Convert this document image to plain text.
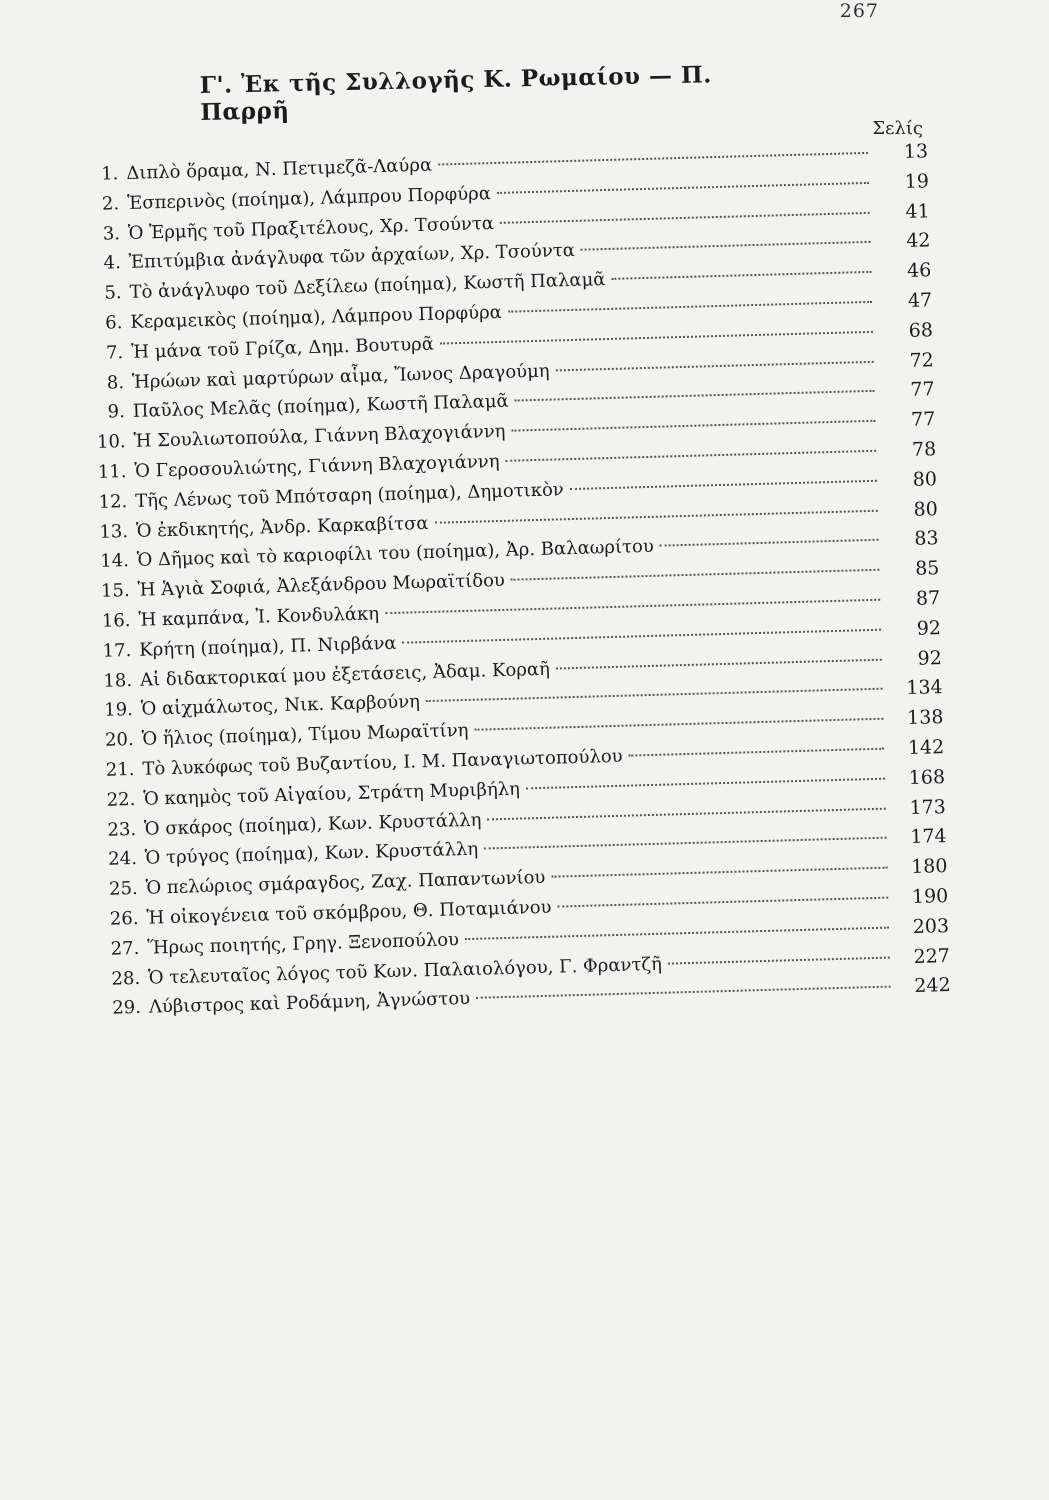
267
Γ'. Ἐκ τῆς Συλλογῆς Κ. Ρωμαίου — Π. Παρρῆ
Σελίς
1. Διπλὸ ὅραμα, Ν. Πετιμεζᾶ-Λαύρα
13
2. Ἑσπερινὸς (ποίημα), Λάμπρου Πορφύρα
19
3. Ὁ Ἑρμῆς τοῦ Πραξιτέλους, Χρ. Τσούντα
41
4. Ἐπιτύμβια ἀνάγλυφα τῶν ἀρχαίων, Χρ. Τσούντα	42
5. Τὸ ἀνάγλυφο τοῦ Δεξίλεω (ποίημα), Κωστῆ Παλαμᾶ	46
6. Κεραμεικὸς (ποίημα), Λάμπρου Πορφύρα
47
7. Ἡ μάνα τοῦ Γρίζα, Δημ. Βουτυρᾶ
68
8. Ἡρώων καὶ μαρτύρων αἷμα, Ἴωνος Δραγούμη
72
9. Παῦλος Μελᾶς (ποίημα), Κωστῆ Παλαμᾶ
77
10. Ἡ Σουλιωτοπούλα, Γιάννη Βλαχογιάννη
77
11. Ὁ Γεροσουλιώτης, Γιάννη Βλαχογιάννη
78
12. Τῆς Λένως τοῦ Μπότσαρη (ποίημα), Δημοτικὸν	80
13. Ὁ ἐκδικητής, Ἀνδρ. Καρκαβίτσα
80
14. Ὁ Δῆμος καὶ τὸ καριοφίλι του (ποίημα), Ἀρ. Βαλαωρίτου	83
15. Ἡ Ἁγιὰ Σοφιά, Ἀλεξάνδρου Μωραϊτίδου
85
16. Ἡ καμπάνα, Ἰ. Κονδυλάκη
87
17. Κρήτη (ποίημα), Π. Νιρβάνα
92
18. Αἱ διδακτορικαί μου ἐξετάσεις, Ἀδαμ. Κοραῆ
92
19. Ὁ αἰχμάλωτος, Νικ. Καρβούνη
134
20. Ὁ ἥλιος (ποίημα), Τίμου Μωραϊτίνη
138
21. Τὸ λυκόφως τοῦ Βυζαντίου, Ι. Μ. Παναγιωτοπούλου	142
22. Ὁ καημὸς τοῦ Αἰγαίου, Στράτη Μυριβήλη
168
23. Ὁ σκάρος (ποίημα), Κων. Κρυστάλλη
173
24. Ὁ τρύγος (ποίημα), Κων. Κρυστάλλη
174
25. Ὁ πελώριος σμάραγδος, Ζαχ. Παπαντωνίου
180
26. Ἡ οἰκογένεια τοῦ σκόμβρου, Θ. Ποταμιάνου
190
27. Ἥρως ποιητής, Γρηγ. Ξενοπούλου
203
28. Ὁ τελευταῖος λόγος τοῦ Κων. Παλαιολόγου, Γ. Φραντζῆ	227
29. Λύβιστρος καὶ Ροδάμνη, Ἀγνώστου
242
